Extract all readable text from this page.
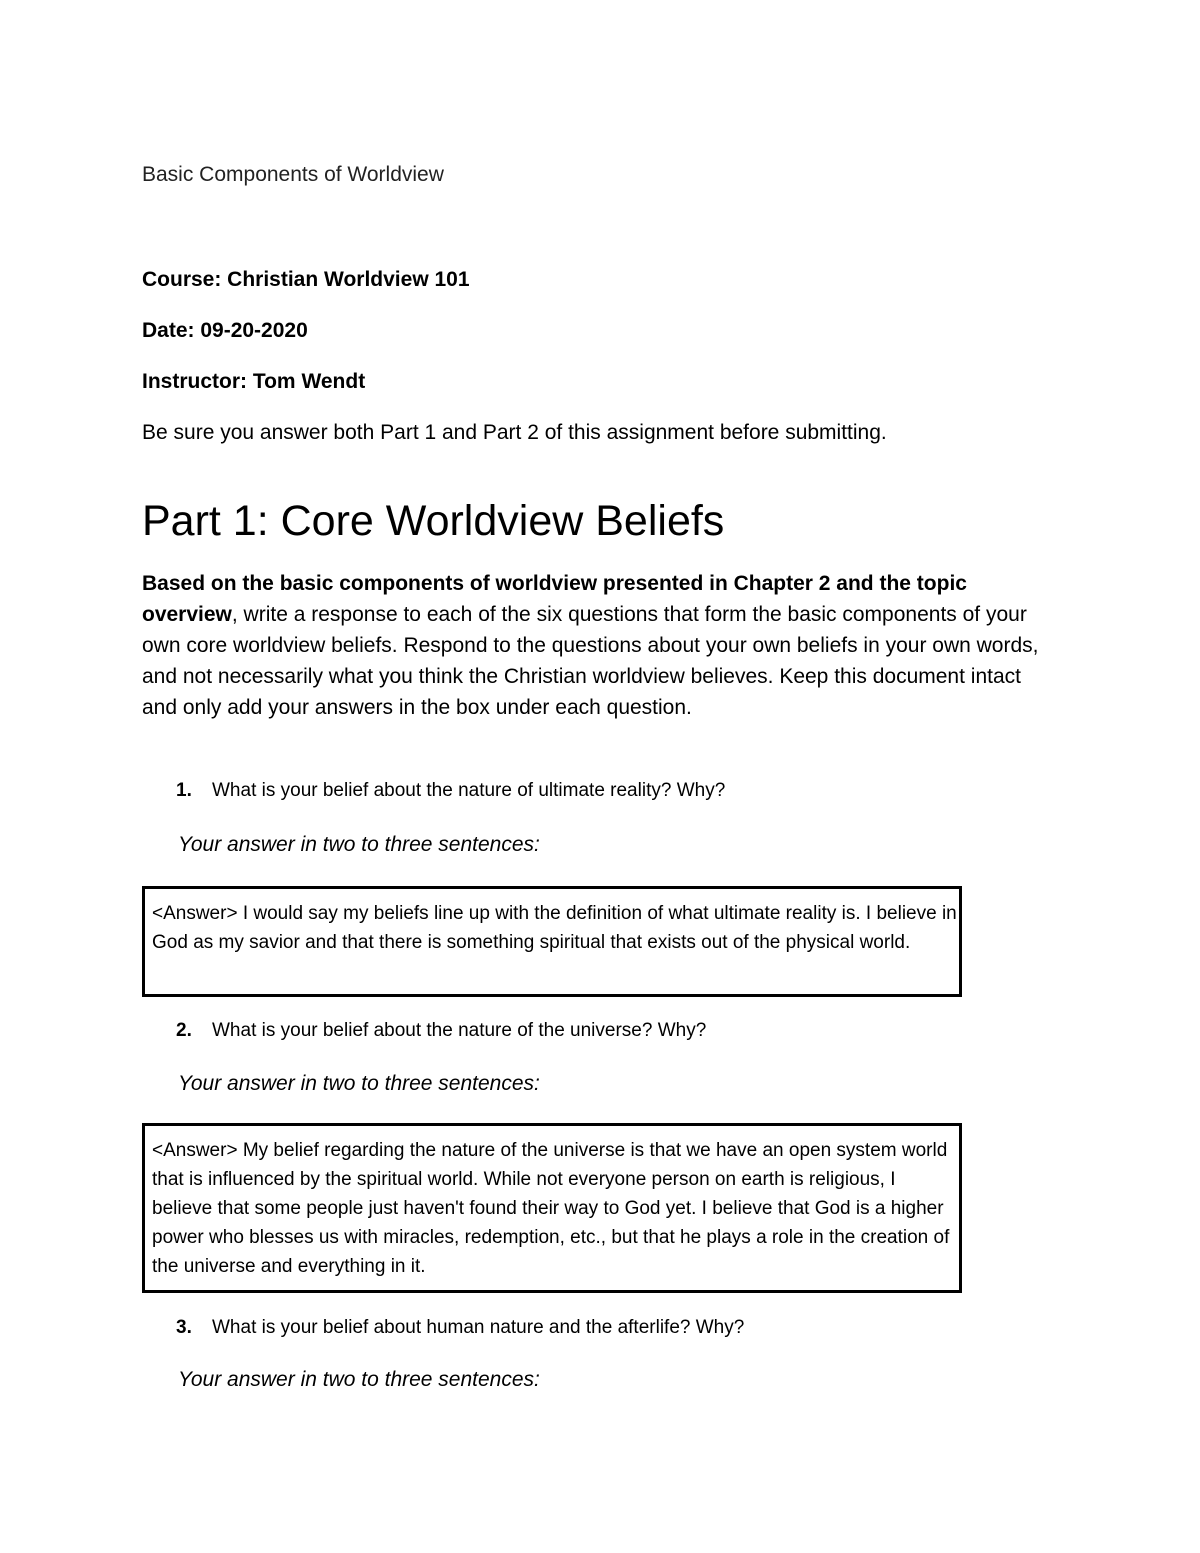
Basic Components of Worldview

Course: Christian Worldview 101

Date: 09-20-2020

Instructor: Tom Wendt

Be sure you answer both Part 1 and Part 2 of this assignment before submitting.

Part 1: Core Worldview Beliefs

Based on the basic components of worldview presented in Chapter 2 and the topic overview, write a response to each of the six questions that form the basic components of your own core worldview beliefs. Respond to the questions about your own beliefs in your own words, and not necessarily what you think the Christian worldview believes. Keep this document intact and only add your answers in the box under each question.

1.	What is your belief about the nature of ultimate reality? Why?

Your answer in two to three sentences:

<Answer> I would say my beliefs line up with the definition of what ultimate reality is. I believe in God as my savior and that there is something spiritual that exists out of the physical world.
2.	What is your belief about the nature of the universe? Why?

Your answer in two to three sentences:

<Answer> My belief regarding the nature of the universe is that we have an open system world that is influenced by the spiritual world. While not everyone person on earth is religious, I believe that some people just haven't found their way to God yet. I believe that God is a higher power who blesses us with miracles, redemption, etc., but that he plays a role in the creation of the universe and everything in it.
3.	What is your belief about human nature and the afterlife? Why?

Your answer in two to three sentences:
